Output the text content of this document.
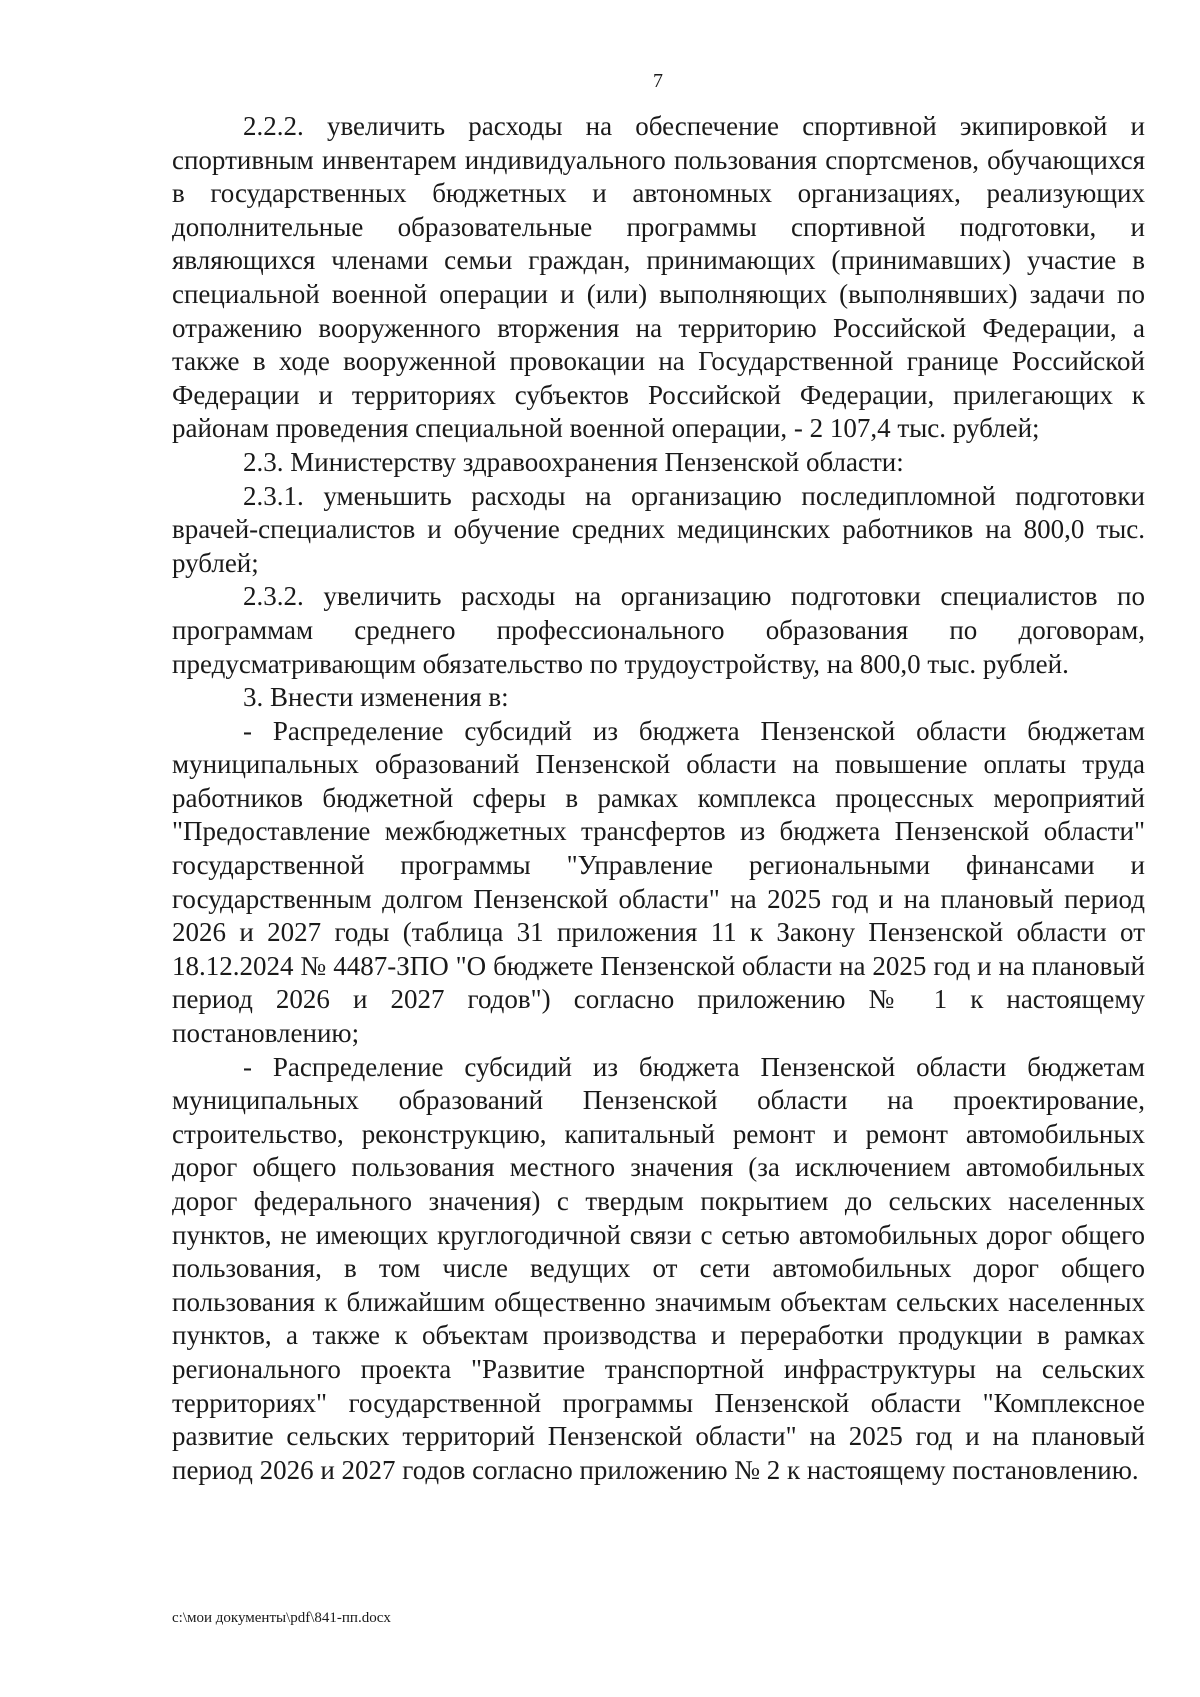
7

2.2.2. увеличить расходы на обеспечение спортивной экипировкой и спортивным инвентарем индивидуального пользования спортсменов, обучающихся в государственных бюджетных и автономных организациях, реализующих дополнительные образовательные программы спортивной подготовки, и являющихся членами семьи граждан, принимающих (принимавших) участие в специальной военной операции и (или) выполняющих (выполнявших) задачи по отражению вооруженного вторжения на территорию Российской Федерации, а также в ходе вооруженной провокации на Государственной границе Российской Федерации и территориях субъектов Российской Федерации, прилегающих к районам проведения специальной военной операции, - 2 107,4 тыс. рублей;

2.3. Министерству здравоохранения Пензенской области:

2.3.1. уменьшить расходы на организацию последипломной подготовки врачей-специалистов и обучение средних медицинских работников на 800,0 тыс. рублей;

2.3.2. увеличить расходы на организацию подготовки специалистов по программам среднего профессионального образования по договорам, предусматривающим обязательство по трудоустройству, на 800,0 тыс. рублей.

3. Внести изменения в:

- Распределение субсидий из бюджета Пензенской области бюджетам муниципальных образований Пензенской области на повышение оплаты труда работников бюджетной сферы в рамках комплекса процессных мероприятий "Предоставление межбюджетных трансфертов из бюджета Пензенской области" государственной программы "Управление региональными финансами и государственным долгом Пензенской области" на 2025 год и на плановый период 2026 и 2027 годы (таблица 31 приложения 11 к Закону Пензенской области от 18.12.2024 № 4487-ЗПО "О бюджете Пензенской области на 2025 год и на плановый период 2026 и 2027 годов") согласно приложению № 1 к настоящему постановлению;

- Распределение субсидий из бюджета Пензенской области бюджетам муниципальных образований Пензенской области на проектирование, строительство, реконструкцию, капитальный ремонт и ремонт автомобильных дорог общего пользования местного значения (за исключением автомобильных дорог федерального значения) с твердым покрытием до сельских населенных пунктов, не имеющих круглогодичной связи с сетью автомобильных дорог общего пользования, в том числе ведущих от сети автомобильных дорог общего пользования к ближайшим общественно значимым объектам сельских населенных пунктов, а также к объектам производства и переработки продукции в рамках регионального проекта "Развитие транспортной инфраструктуры на сельских территориях" государственной программы Пензенской области "Комплексное развитие сельских территорий Пензенской области" на 2025 год и на плановый период 2026 и 2027 годов согласно приложению № 2 к настоящему постановлению.

c:\мои документы\pdf\841-пп.docx
